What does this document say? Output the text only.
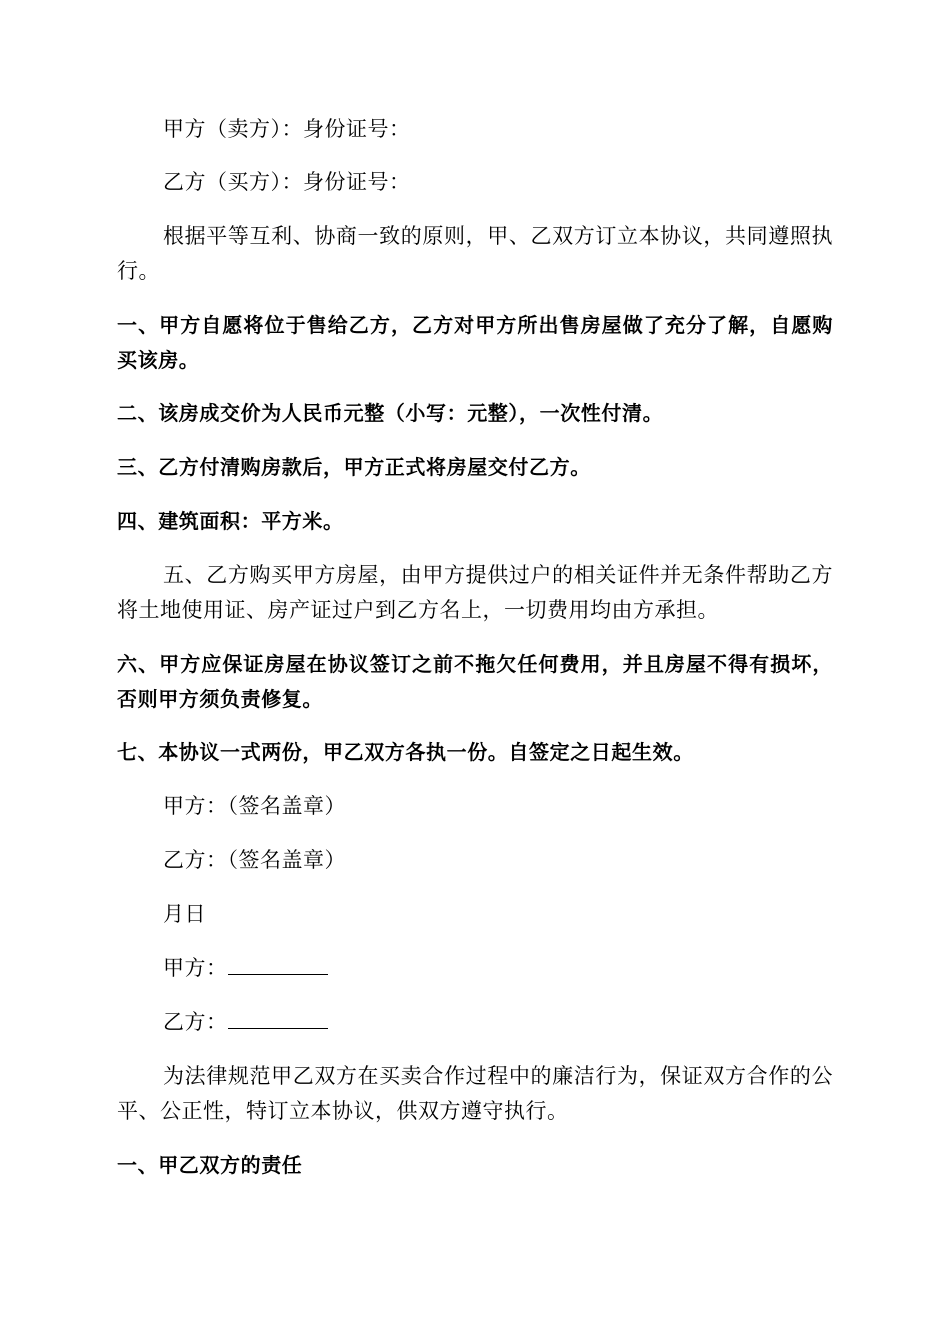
甲方（卖方）：身份证号：

乙方（买方）：身份证号：

根据平等互利、协商一致的原则，甲、乙双方订立本协议，共同遵照执行。

一、甲方自愿将位于售给乙方，乙方对甲方所出售房屋做了充分了解，自愿购买该房。

二、该房成交价为人民币元整（小写：元整），一次性付清。

三、乙方付清购房款后，甲方正式将房屋交付乙方。

四、建筑面积：平方米。

五、乙方购买甲方房屋，由甲方提供过户的相关证件并无条件帮助乙方将土地使用证、房产证过户到乙方名上，一切费用均由方承担。

六、甲方应保证房屋在协议签订之前不拖欠任何费用，并且房屋不得有损坏，否则甲方须负责修复。

七、本协议一式两份，甲乙双方各执一份。自签定之日起生效。

甲方：（签名盖章）

乙方：（签名盖章）

月日

甲方：

乙方：

为法律规范甲乙双方在买卖合作过程中的廉洁行为，保证双方合作的公平、公正性，特订立本协议，供双方遵守执行。

一、甲乙双方的责任
